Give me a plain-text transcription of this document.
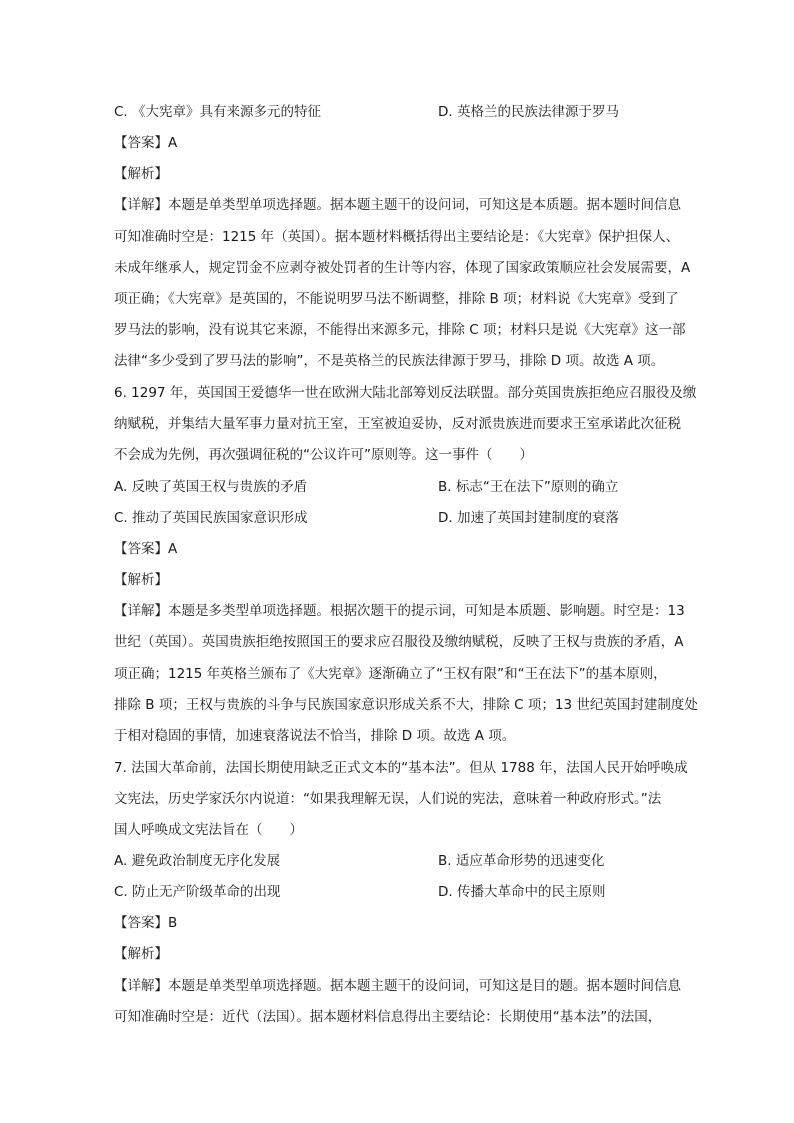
C. 《大宪章》具有来源多元的特征	D. 英格兰的民族法律源于罗马
【答案】A
【解析】
【详解】本题是单类型单项选择题。据本题主题干的设问词，可知这是本质题。据本题时间信息
可知准确时空是：1215 年（英国）。据本题材料概括得出主要结论是：《大宪章》保护担保人、
未成年继承人，规定罚金不应剥夺被处罚者的生计等内容，体现了国家政策顺应社会发展需要，A
项正确；《大宪章》是英国的，不能说明罗马法不断调整，排除 B 项；材料说《大宪章》受到了
罗马法的影响，没有说其它来源，不能得出来源多元，排除 C 项；材料只是说《大宪章》这一部
法律“多少受到了罗马法的影响”，不是英格兰的民族法律源于罗马，排除 D 项。故选 A 项。
6. 1297 年，英国国王爱德华一世在欧洲大陆北部筹划反法联盟。部分英国贵族拒绝应召服役及缴
纳赋税，并集结大量军事力量对抗王室，王室被迫妥协，反对派贵族进而要求王室承诺此次征税
不会成为先例，再次强调征税的“公议许可”原则等。这一事件（　　）
A. 反映了英国王权与贵族的矛盾	B. 标志“王在法下”原则的确立
C. 推动了英国民族国家意识形成	D. 加速了英国封建制度的衰落
【答案】A
【解析】
【详解】本题是多类型单项选择题。根据次题干的提示词，可知是本质题、影响题。时空是：13
世纪（英国）。英国贵族拒绝按照国王的要求应召服役及缴纳赋税，反映了王权与贵族的矛盾，A
项正确；1215 年英格兰颁布了《大宪章》逐渐确立了“王权有限”和“王在法下”的基本原则，
排除 B 项；王权与贵族的斗争与民族国家意识形成关系不大，排除 C 项；13 世纪英国封建制度处
于相对稳固的事情，加速衰落说法不恰当，排除 D 项。故选 A 项。
7. 法国大革命前，法国长期使用缺乏正式文本的“基本法”。但从 1788 年，法国人民开始呼唤成
文宪法，历史学家沃尔内说道：“如果我理解无误，人们说的宪法，意味着一种政府形式。”法
国人呼唤成文宪法旨在（　　）
A. 避免政治制度无序化发展	B. 适应革命形势的迅速变化
C. 防止无产阶级革命的出现	D. 传播大革命中的民主原则
【答案】B
【解析】
【详解】本题是单类型单项选择题。据本题主题干的设问词，可知这是目的题。据本题时间信息
可知准确时空是：近代（法国）。据本题材料信息得出主要结论：长期使用“基本法”的法国，
